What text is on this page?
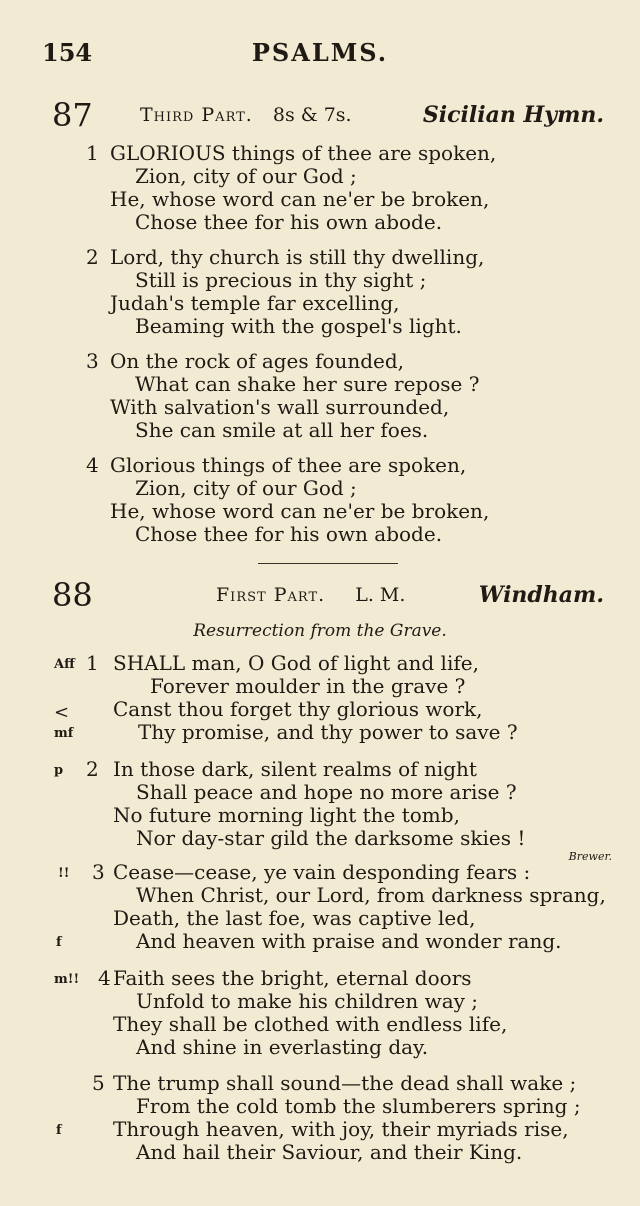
154	PSALMS.
87 Third Part. 8s & 7s.	Sicilian Hymn.
1 GLORIOUS things of thee are spoken,
Zion, city of our God ;
He, whose word can ne'er be broken,
Chose thee for his own abode.
2 Lord, thy church is still thy dwelling,
Still is precious in thy sight ;
Judah's temple far excelling,
Beaming with the gospel's light.
3 On the rock of ages founded,
What can shake her sure repose ?
With salvation's wall surrounded,
She can smile at all her foes.
4 Glorious things of thee are spoken,
Zion, city of our God ;
He, whose word can ne'er be broken,
Chose thee for his own abode.
88	First Part. L. M.	Windham.
Resurrection from the Grave.
Aff 1 SHALL man, O God of light and life,
Forever moulder in the grave ?
< Canst thou forget thy glorious work,
mf	Thy promise, and thy power to save ?
p 2 In those dark, silent realms of night
Shall peace and hope no more arise ?
No future morning light the tomb,
Nor day-star gild the darksome skies !
Brewer.
!! 3 Cease—cease, ye vain desponding fears :
When Christ, our Lord, from darkness sprang,
Death, the last foe, was captive led,
f	And heaven with praise and wonder rang.
m!! 4 Faith sees the bright, eternal doors
Unfold to make his children way ;
They shall be clothed with endless life,
And shine in everlasting day.
5 The trump shall sound—the dead shall wake ;
From the cold tomb the slumberers spring ;
f	Through heaven, with joy, their myriads rise,
And hail their Saviour, and their King.
